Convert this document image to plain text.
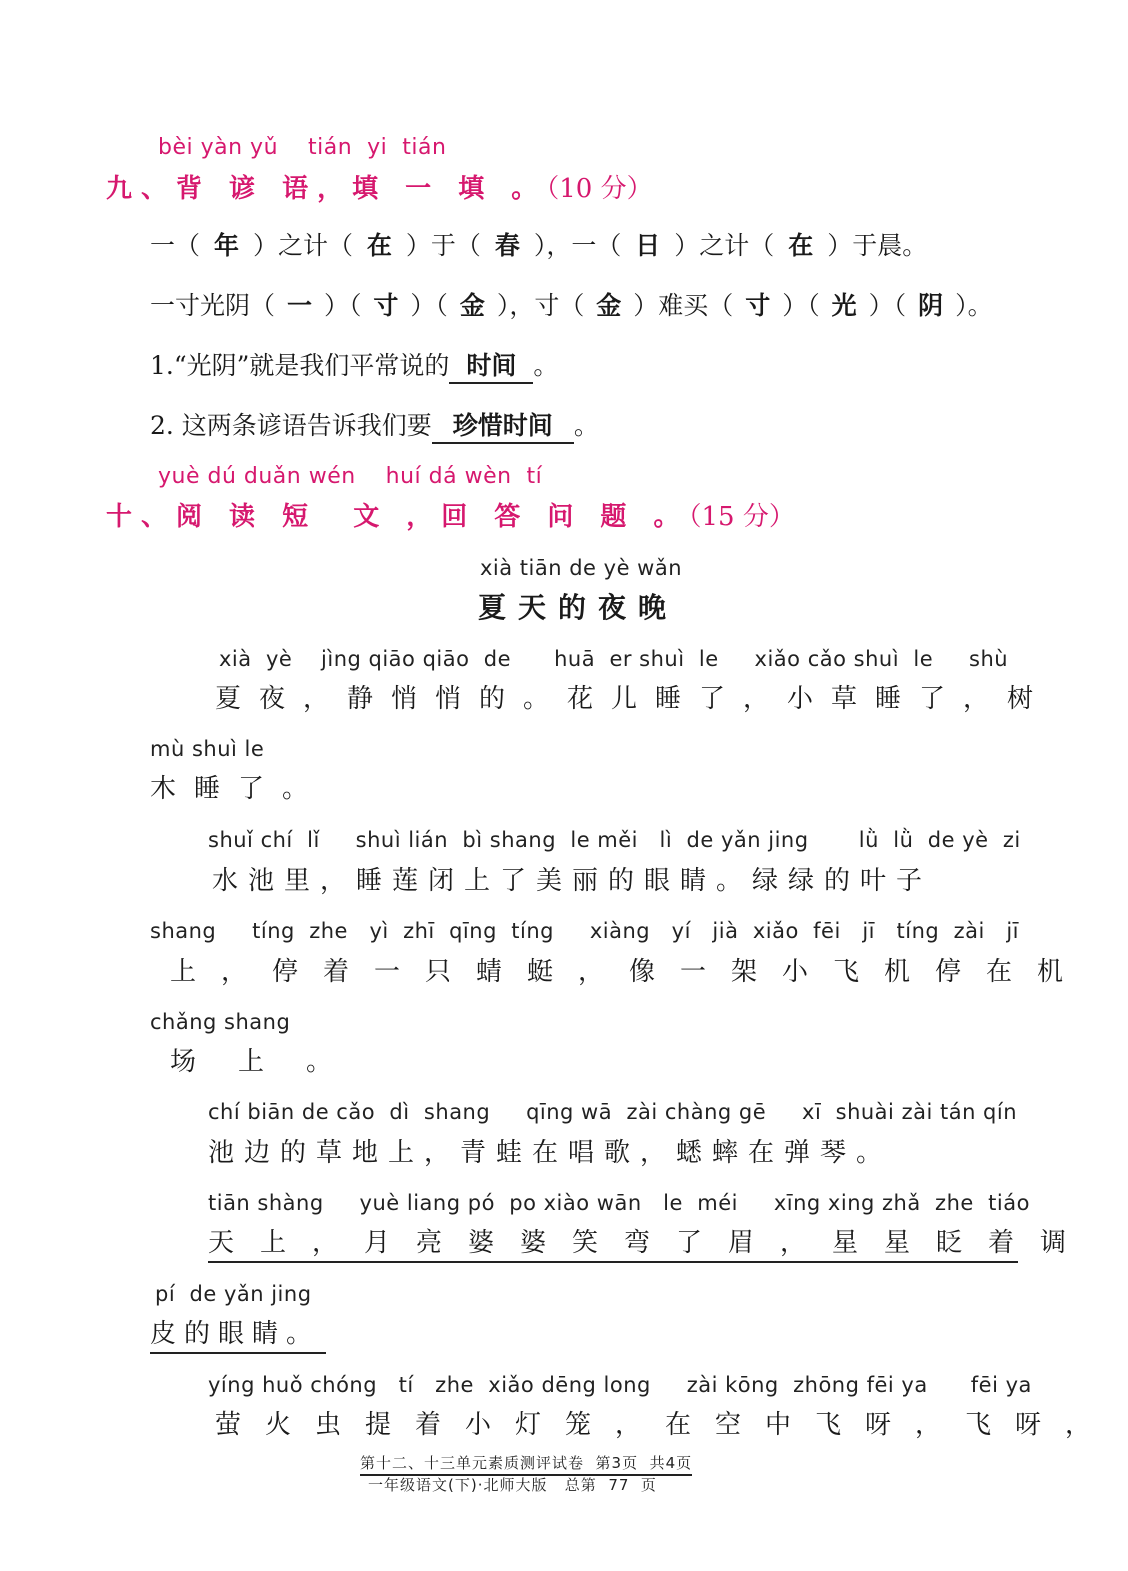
bèi yàn yǔ    tián  yi  tián
九、背 谚 语，填 一 填 。（10 分）
一（ 年 ）之计（ 在 ）于（ 春 ），一（ 日 ）之计（ 在 ）于晨。
一寸光阴（ 一 ）（ 寸 ）（ 金 ），寸（ 金 ）难买（ 寸 ）（ 光 ）（ 阴 ）。
1.“光阴”就是我们平常说的 时间 。
2. 这两条谚语告诉我们要 珍惜时间 。
yuè dú duǎn wén    huí dá wèn  tí
十、阅 读 短  文 ，回 答 问 题 。（15 分）
xià tiān de yè wǎn
夏天的夜晚
xià  yè    jìng qiāo qiāo  de      huā  er shuì  le     xiǎo cǎo shuì  le     shù
夏夜，静悄悄的。花儿睡了，小草睡了，树
mù shuì le
木睡了。
shuǐ chí  lǐ     shuì lián  bì shang  le měi   lì  de yǎn jing       lǜ  lǜ  de yè  zi
水池里，睡莲闭上了美丽的眼睛。绿绿的叶子
shang     tíng  zhe   yì  zhī  qīng  tíng     xiàng   yí   jià  xiǎo  fēi   jī   tíng  zài   jī
上，停着一只蜻蜓，像一架小飞机停在机
chǎng shang
场上。
chí biān de cǎo  dì  shang     qīng wā  zài chàng gē     xī  shuài zài tán qín
池边的草地上，青蛙在唱歌，蟋蟀在弹琴。
tiān shàng     yuè liang pó  po xiào wān   le  méi     xīng xing zhǎ  zhe  tiáo
天上，月亮婆婆笑弯了眉，星星眨着调
pí  de yǎn jing
皮的眼睛。
yíng huǒ chóng   tí   zhe  xiǎo dēng long     zài kōng  zhōng fēi ya      fēi ya
萤火虫提着小灯笼，在空中飞呀，飞呀，
第十二、十三单元素质测评试卷  第3页  共4页
一年级语文(下)·北师大版   总第  77  页
